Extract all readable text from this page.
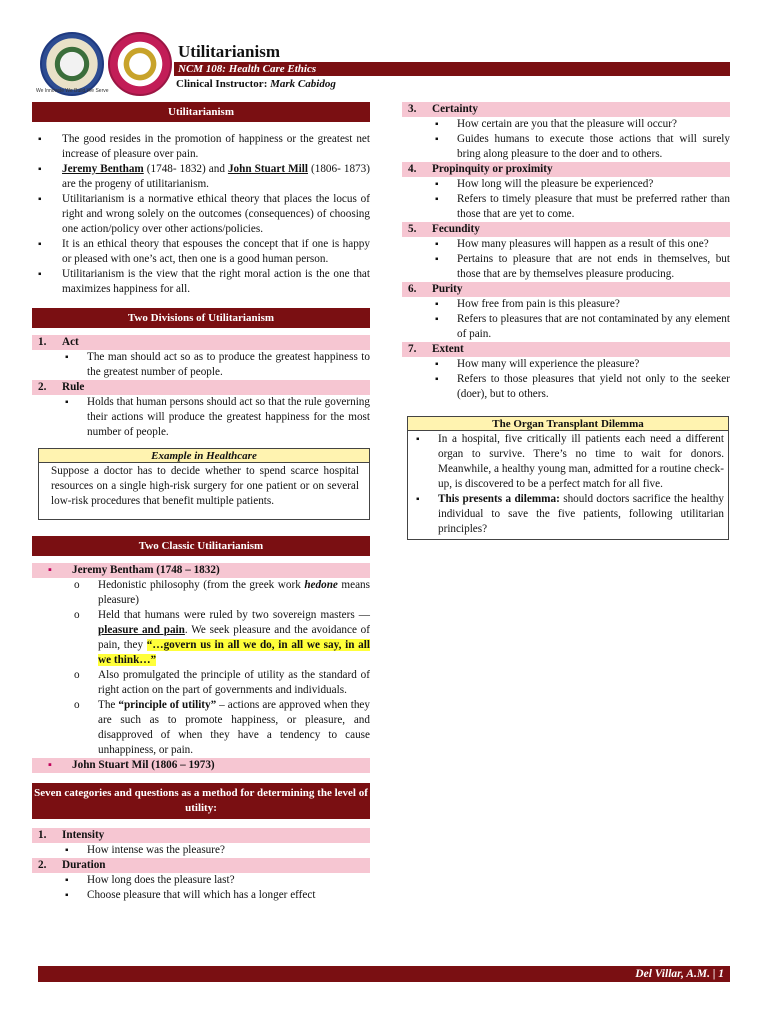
We Innovate We Build We Serve
Utilitarianism
NCM 108: Health Care Ethics
Clinical Instructor: Mark Cabidog
Utilitarianism
▪ The good resides in the promotion of happiness or the greatest net increase of pleasure over pain.
▪ Jeremy Bentham (1748- 1832) and John Stuart Mill (1806- 1873) are the progeny of utilitarianism.
▪ Utilitarianism is a normative ethical theory that places the locus of right and wrong solely on the outcomes (consequences) of choosing one action/policy over other actions/policies.
▪ It is an ethical theory that espouses the concept that if one is happy or pleased with one’s act, then one is a good human person.
▪ Utilitarianism is the view that the right moral action is the one that maximizes happiness for all.
Two Divisions of Utilitarianism
1. Act
▪ The man should act so as to produce the greatest happiness to the greatest number of people.
2. Rule
▪ Holds that human persons should act so that the rule governing their actions will produce the greatest happiness for the most number of people.
Example in Healthcare
Suppose a doctor has to decide whether to spend scarce hospital resources on a single high-risk surgery for one patient or on several low-risk procedures that benefit multiple patients.
Two Classic Utilitarianism
▪ Jeremy Bentham (1748 – 1832)
o Hedonistic philosophy (from the greek work hedone means pleasure)
o Held that humans were ruled by two sovereign masters — pleasure and pain. We seek pleasure and the avoidance of pain, they “…govern us in all we do, in all we say, in all we think…”
o Also promulgated the principle of utility as the standard of right action on the part of governments and individuals.
o The “principle of utility” – actions are approved when they are such as to promote happiness, or pleasure, and disapproved of when they have a tendency to cause unhappiness, or pain.
▪ John Stuart Mil (1806 – 1973)
Seven categories and questions as a method for determining the level of utility:
1. Intensity
▪ How intense was the pleasure?
2. Duration
▪ How long does the pleasure last?
▪ Choose pleasure that will which has a longer effect
3. Certainty
▪ How certain are you that the pleasure will occur?
▪ Guides humans to execute those actions that will surely bring along pleasure to the doer and to others.
4. Propinquity or proximity
▪ How long will the pleasure be experienced?
▪ Refers to timely pleasure that must be preferred rather than those that are yet to come.
5. Fecundity
▪ How many pleasures will happen as a result of this one?
▪ Pertains to pleasure that are not ends in themselves, but those that are by themselves pleasure producing.
6. Purity
▪ How free from pain is this pleasure?
▪ Refers to pleasures that are not contaminated by any element of pain.
7. Extent
▪ How many will experience the pleasure?
▪ Refers to those pleasures that yield not only to the seeker (doer), but to others.
The Organ Transplant Dilemma
▪ In a hospital, five critically ill patients each need a different organ to survive. There’s no time to wait for donors. Meanwhile, a healthy young man, admitted for a routine check-up, is discovered to be a perfect match for all five.
▪ This presents a dilemma: should doctors sacrifice the healthy individual to save the five patients, following utilitarian principles?
Del Villar, A.M. | 1
